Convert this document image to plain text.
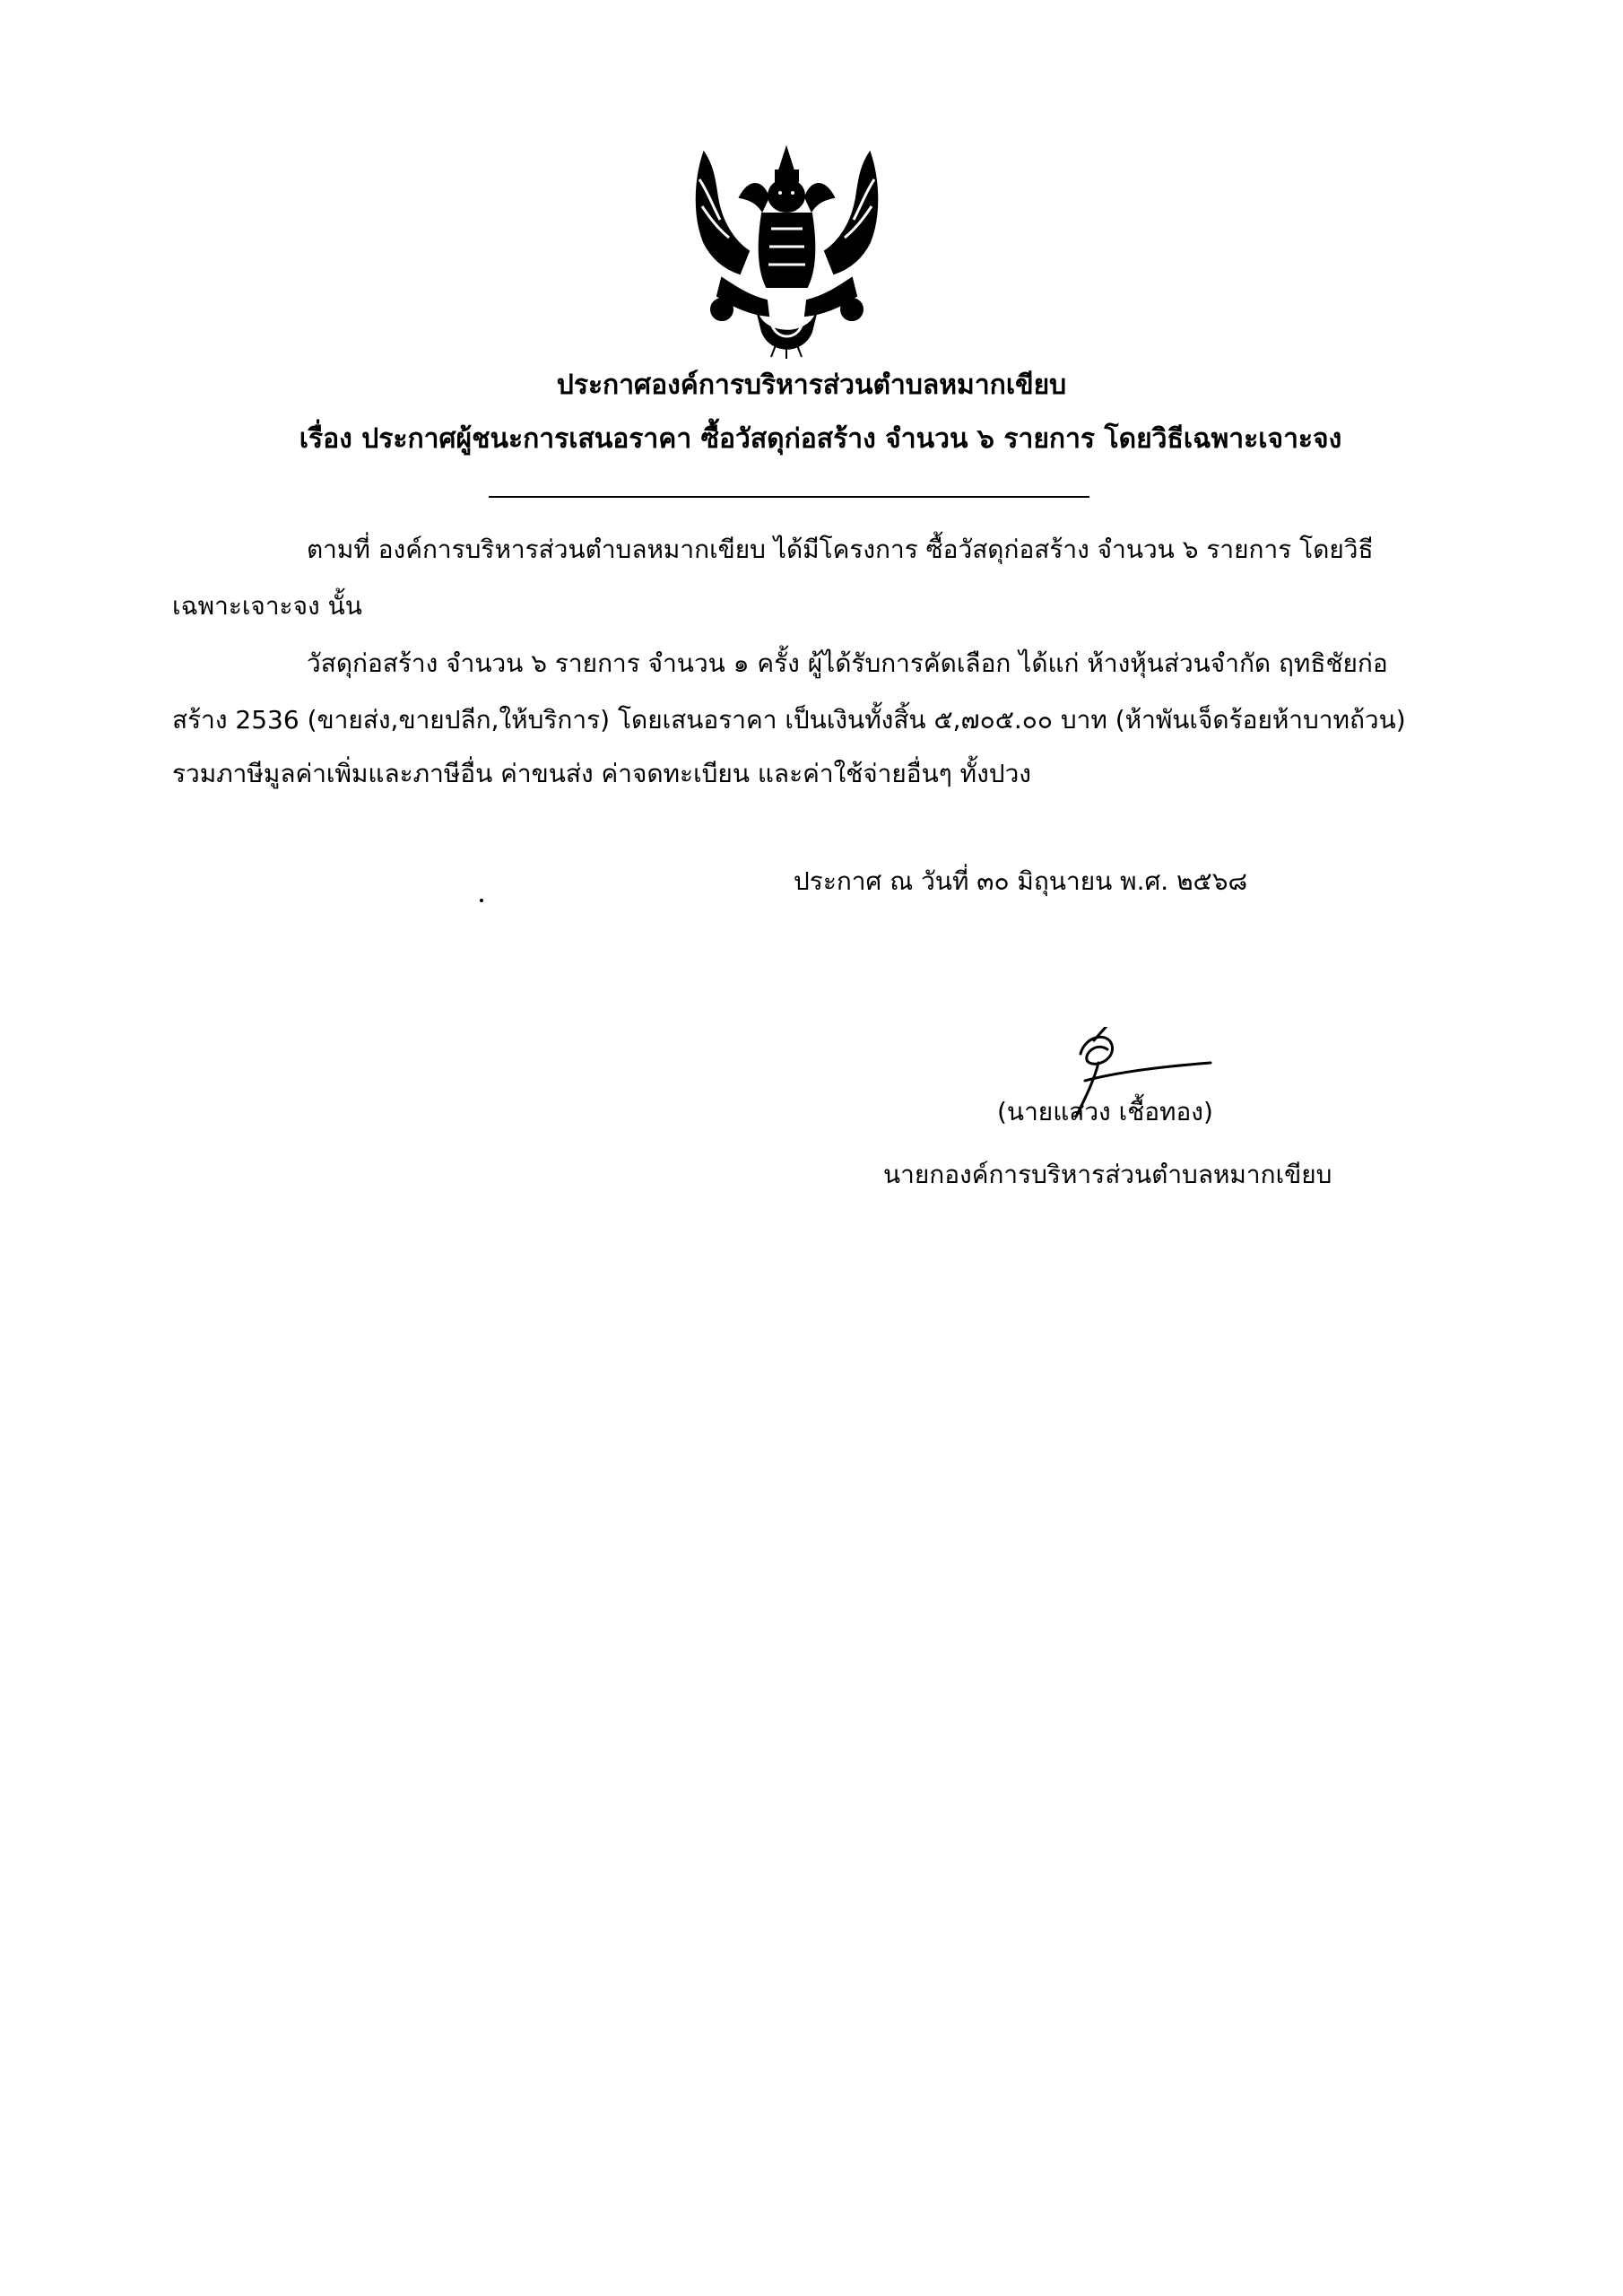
ประกาศองค์การบริหารส่วนตำบลหมากเขียบ
เรื่อง ประกาศผู้ชนะการเสนอราคา ซื้อวัสดุก่อสร้าง จำนวน ๖ รายการ โดยวิธีเฉพาะเจาะจง
ตามที่ องค์การบริหารส่วนตำบลหมากเขียบ ได้มีโครงการ ซื้อวัสดุก่อสร้าง จำนวน ๖ รายการ โดยวิธี
เฉพาะเจาะจง นั้น
วัสดุก่อสร้าง จำนวน ๖ รายการ จำนวน ๑ ครั้ง ผู้ได้รับการคัดเลือก ได้แก่ ห้างหุ้นส่วนจำกัด ฤทธิชัยก่อ
สร้าง 2536 (ขายส่ง,ขายปลีก,ให้บริการ) โดยเสนอราคา เป็นเงินทั้งสิ้น ๕,๗๐๕.๐๐ บาท (ห้าพันเจ็ดร้อยห้าบาทถ้วน)
รวมภาษีมูลค่าเพิ่มและภาษีอื่น ค่าขนส่ง ค่าจดทะเบียน และค่าใช้จ่ายอื่นๆ ทั้งปวง
ประกาศ ณ วันที่ ๓๐ มิถุนายน พ.ศ. ๒๕๖๘
(นายแสวง เชื้อทอง)
นายกองค์การบริหารส่วนตำบลหมากเขียบ
